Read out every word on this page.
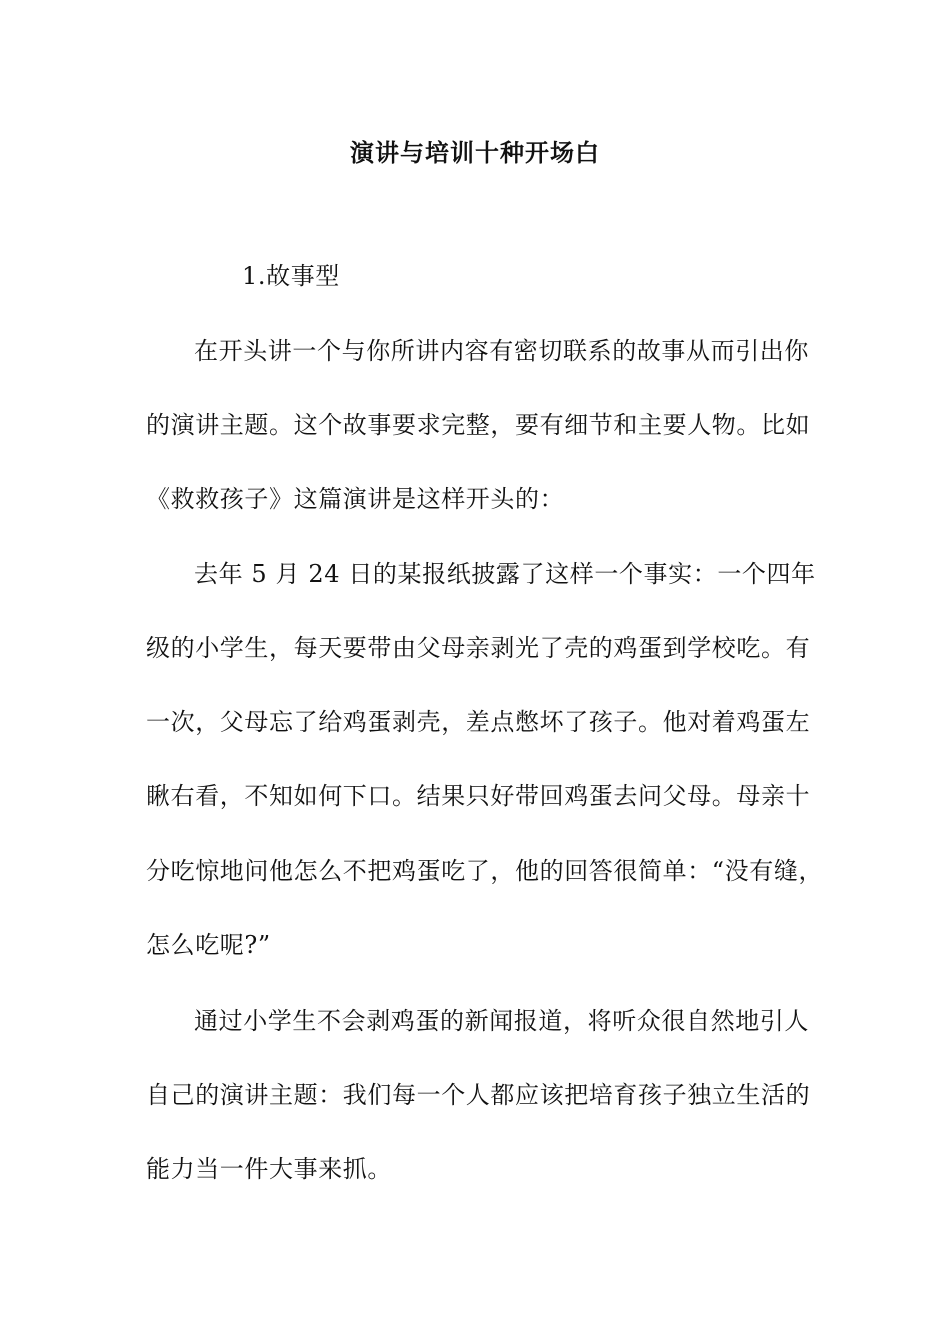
演讲与培训十种开场白
1.故事型
在开头讲一个与你所讲内容有密切联系的故事从而引出你
的演讲主题。这个故事要求完整，要有细节和主要人物。比如
《救救孩子》这篇演讲是这样开头的：
去年 5 月 24 日的某报纸披露了这样一个事实：一个四年
级的小学生，每天要带由父母亲剥光了壳的鸡蛋到学校吃。有
一次，父母忘了给鸡蛋剥壳，差点憋坏了孩子。他对着鸡蛋左
瞅右看，不知如何下口。结果只好带回鸡蛋去问父母。母亲十
分吃惊地问他怎么不把鸡蛋吃了，他的回答很简单：“没有缝，
怎么吃呢?”
通过小学生不会剥鸡蛋的新闻报道，将听众很自然地引人
自己的演讲主题：我们每一个人都应该把培育孩子独立生活的
能力当一件大事来抓。
